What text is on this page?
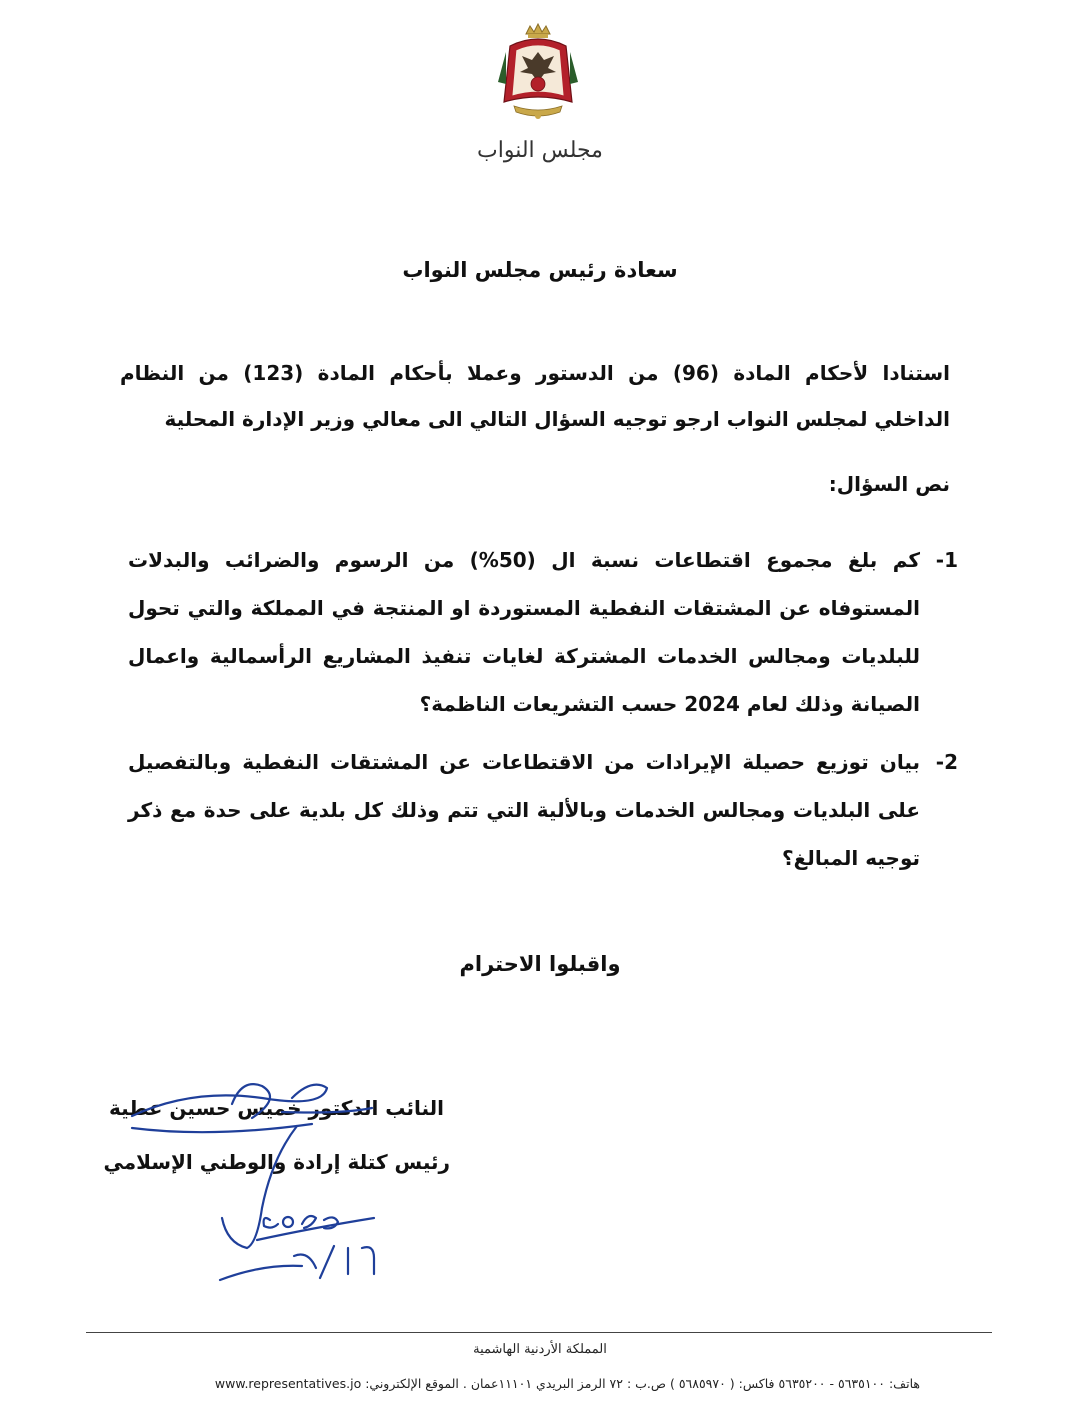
مجلس النواب
سعادة رئيس مجلس النواب

استنادا لأحكام المادة (96) من الدستور وعملا بأحكام المادة (123) من النظام الداخلي لمجلس النواب ارجو توجيه السؤال التالي الى معالي وزير الإدارة المحلية

نص السؤال:

1-
كم بلغ مجموع اقتطاعات نسبة ال (50%) من الرسوم والضرائب والبدلات المستوفاه عن المشتقات النفطية المستوردة او المنتجة في المملكة والتي تحول للبلديات ومجالس الخدمات المشتركة لغايات تنفيذ المشاريع الرأسمالية واعمال الصيانة وذلك لعام 2024 حسب التشريعات الناظمة؟
2-
بيان توزيع حصيلة الإيرادات من الاقتطاعات عن المشتقات النفطية وبالتفصيل على البلديات ومجالس الخدمات وبالألية التي تتم وذلك كل بلدية على حدة مع ذكر توجيه المبالغ؟
واقبلوا الاحترام
النائب الدكتور خميس حسين عطية
رئيس كتلة إرادة والوطني الإسلامي
المملكة الأردنية الهاشمية
هاتف: ٥٦٣٥١٠٠ - ٥٦٣٥٢٠٠ فاكس: ( ٥٦٨٥٩٧٠ ) ص.ب : ٧٢ الرمز البريدي ١١١٠١عمان . الموقع الإلكتروني: www.representatives.jo
